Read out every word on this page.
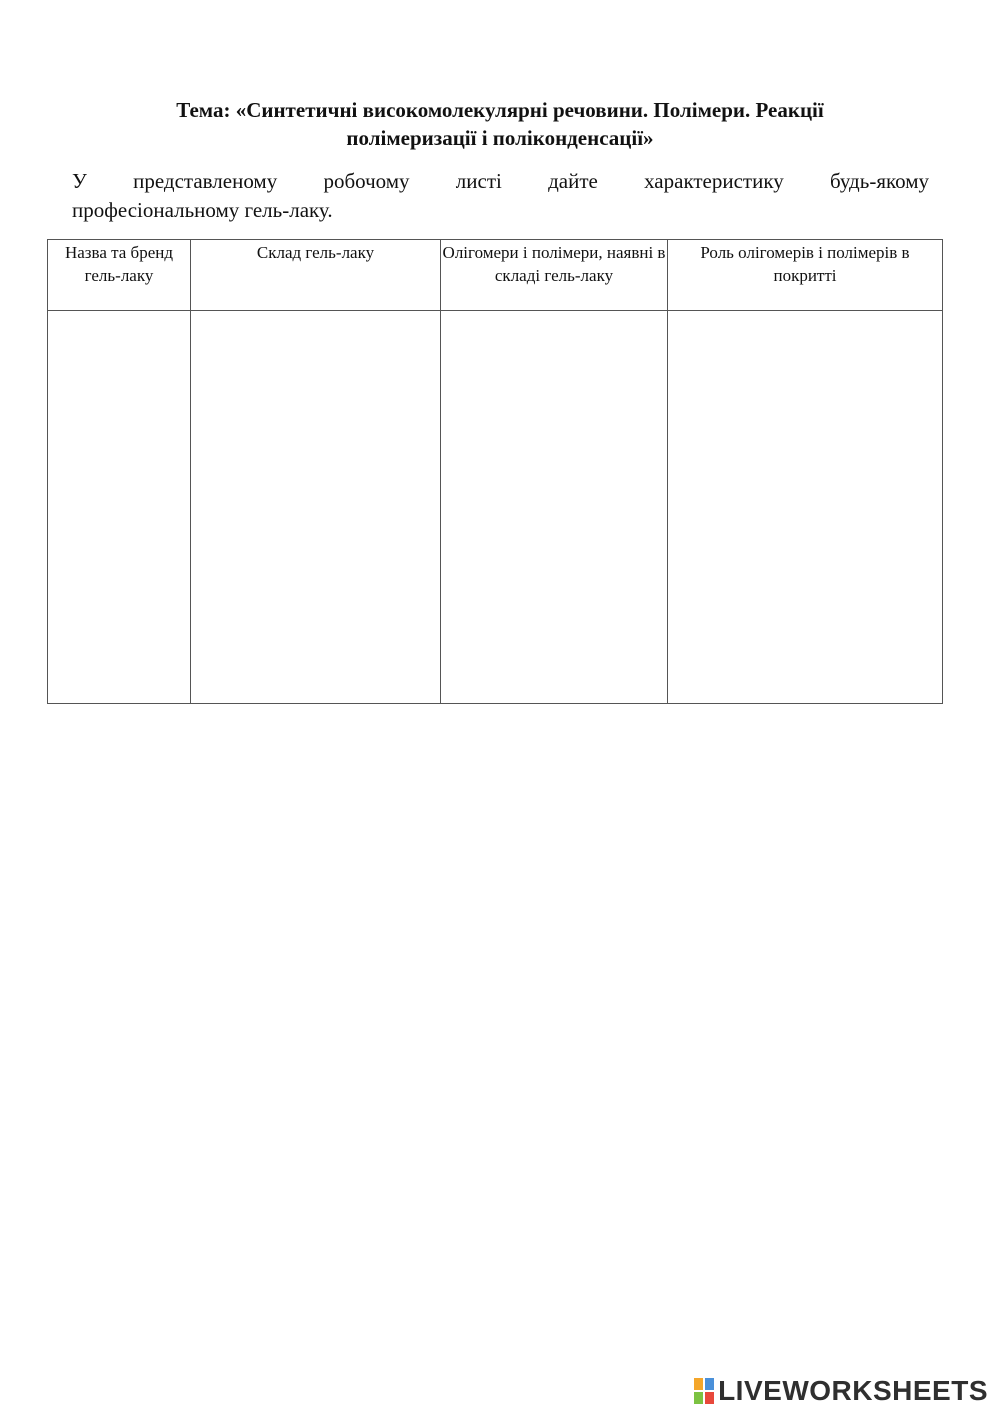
Тема: «Синтетичні високомолекулярні речовини. Полімери. Реакції
полімеризації і поліконденсації»
У представленому робочому листі дайте характеристику будь-якому
професіональному гель-лаку.
Назва та бренд гель-лаку	Склад гель-лаку	Олігомери і полімери, наявні в складі гель-лаку	Роль олігомерів і полімерів в покритті

LIVEWORKSHEETS
